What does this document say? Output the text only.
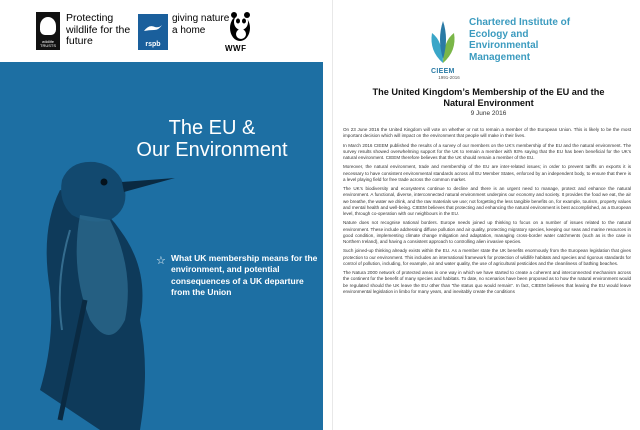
wildlife TRUSTS
Protecting wildlife for the future	rspb
giving nature a home
WWF
The EU &
Our Environment
☆ What UK membership means for the environment, and potential consequences of a UK departure from the Union
CIEEM
1991-2016
Chartered Institute of Ecology and Environmental Management
The United Kingdom’s Membership of the EU and the Natural Environment
9 June 2016

On 23 June 2016 the United Kingdom will vote on whether or not to remain a member of the European Union. This is likely to be the most important decision which will impact on the environment that people will make in their lives.

In March 2016 CIEEM published the results of a survey of our members on the UK’s membership of the EU and the natural environment. The survey results showed overwhelming support for the UK to remain a member with 93% saying that the EU has been beneficial for the UK’s natural environment. CIEEM therefore believes that the UK should remain a member of the EU.

Moreover, the natural environment, trade and membership of the EU are inter-related issues; in order to prevent tariffs on exports it is necessary to have consistent environmental standards across all EU Member States, enforced by an independent body, to ensure that there is a level playing field for free trade across the common market.

The UK’s biodiversity and ecosystems continue to decline and there is an urgent need to manage, protect and enhance the natural environment. A functional, diverse, interconnected natural environment underpins our economy and society. It provides the food we eat, the air we breathe, the water we drink, and the raw materials we use; not forgetting the less tangible benefits on, for example, tourism, property values and mental health and well-being. CIEEM believes that protecting and enhancing the natural environment is best accomplished, as a European level, through co-operation with our neighbours in the EU.

Nature does not recognise national borders. Europe needs joined up thinking to focus on a number of issues related to the natural environment. These include addressing diffuse pollution and air quality, protecting migratory species, keeping our seas and marine resources in good condition, implementing climate change mitigation and adaptation, managing cross-border water catchments (such as is the case in Northern Ireland), and having a consistent approach to controlling alien invasive species.

Such joined-up thinking already exists within the EU. As a member state the UK benefits enormously from the European legislation that gives protection to our environment. This includes an international framework for protection of wildlife habitats and species and rigorous standards for control of pollution, including, for example, air and water quality, the use of agricultural pesticides and the cleanliness of bathing beaches.

The Natura 2000 network of protected areas is one way in which we have started to create a coherent and interconnected mechanism across the continent for the benefit of many species and habitats. To date, no scenarios have been proposed as to how the natural environment would be regulated should the UK leave the EU other than “the status quo would remain”. In fact, CIEEM believes that leaving the EU would leave environmental legislation in limbo for many years, and inevitably create the conditions
